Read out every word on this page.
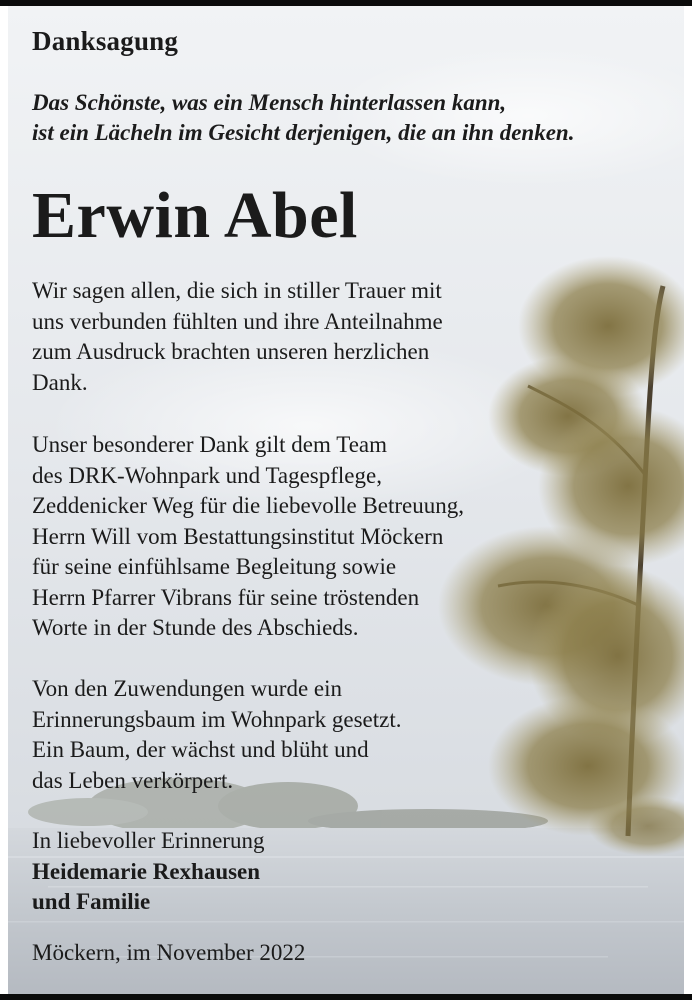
Danksagung
Das Schönste, was ein Mensch hinterlassen kann,
ist ein Lächeln im Gesicht derjenigen, die an ihn denken.
Erwin Abel
Wir sagen allen, die sich in stiller Trauer mit
uns verbunden fühlten und ihre Anteilnahme
zum Ausdruck brachten unseren herzlichen
Dank.
Unser besonderer Dank gilt dem Team
des DRK-Wohnpark und Tagespflege,
Zeddenicker Weg für die liebevolle Betreuung,
Herrn Will vom Bestattungsinstitut Möckern
für seine einfühlsame Begleitung sowie
Herrn Pfarrer Vibrans für seine tröstenden
Worte in der Stunde des Abschieds.
Von den Zuwendungen wurde ein
Erinnerungsbaum im Wohnpark gesetzt.
Ein Baum, der wächst und blüht und
das Leben verkörpert.
In liebevoller Erinnerung
Heidemarie Rexhausen
und Familie
Möckern, im November 2022
